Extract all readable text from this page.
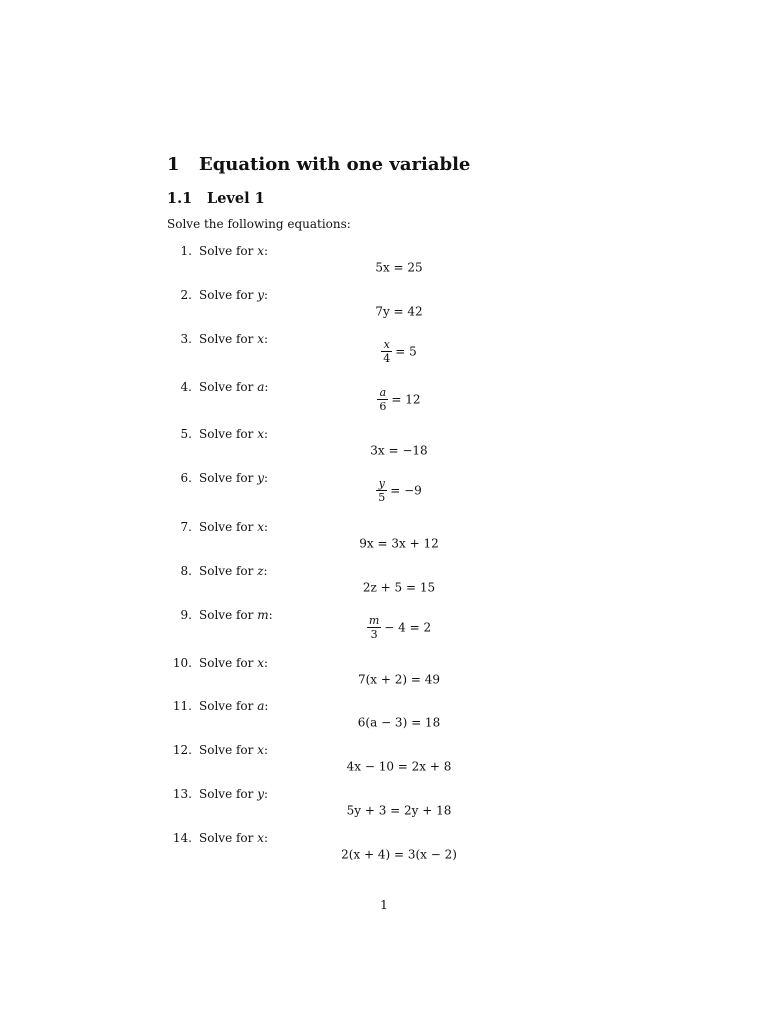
1 Equation with one variable
1.1 Level 1

Solve the following equations:

1. Solve for x:
5x = 25
2. Solve for y:
7y = 42
3. Solve for x:	$\frac{x}{4} = 5$
4. Solve for a:	$\frac{a}{6} = 12$
5. Solve for x:
3x = −18
6. Solve for y:	$\frac{y}{5} = -9$
7. Solve for x:
9x = 3x + 12
8. Solve for z:
2z + 5 = 15
9. Solve for m:	$\frac{m}{3} - 4 = 2$
10. Solve for x:
7(x + 2) = 49
11. Solve for a:
6(a − 3) = 18
12. Solve for x:
4x − 10 = 2x + 8
13. Solve for y:
5y + 3 = 2y + 18
14. Solve for x:
2(x + 4) = 3(x − 2)
1
